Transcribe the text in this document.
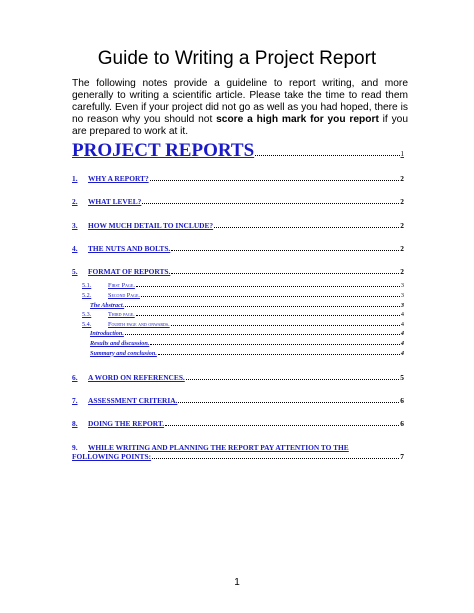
Guide to Writing a Project Report
The following notes provide a guideline to report writing, and more generally to writing a scientific article. Please take the time to read them carefully. Even if your project did not go as well as you had hoped, there is no reason why you should not score a high mark for you report if you are prepared to work at it.
PROJECT REPORTS	1
1. WHY A REPORT?	2
2. WHAT LEVEL?	2
3. HOW MUCH DETAIL TO INCLUDE?	2
4. THE NUTS AND BOLTS.	2
5. FORMAT OF REPORTS.	2
5.1.	First Page.	3
5.2.	Second Page.	3
The Abstract.	3
5.3.	Third page.	4
5.4.	Fourth page and onwards.	4
Introduction.	4
Results and discussion.	4
Summary and conclusion.	4
6. A WORD ON REFERENCES.	5
7. ASSESSMENT CRITERIA.	6
8. DOING THE REPORT.	6
9. WHILE WRITING AND PLANNING THE REPORT PAY ATTENTION TO THE
FOLLOWING POINTS:	7
1
